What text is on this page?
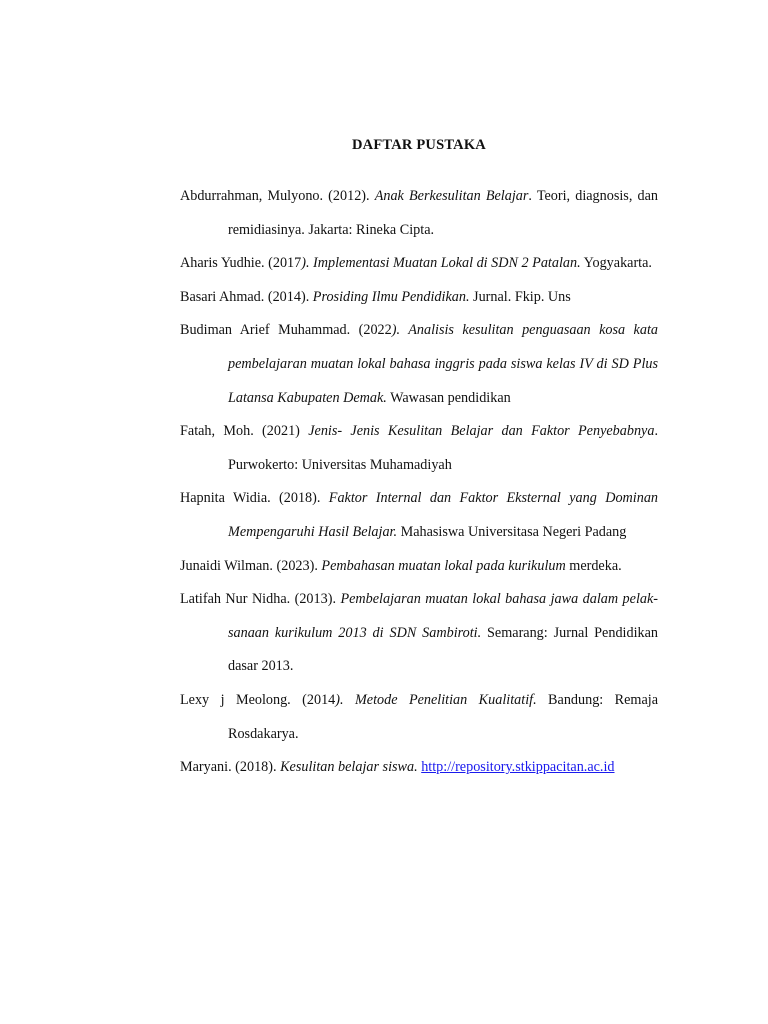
DAFTAR PUSTAKA
Abdurrahman, Mulyono. (2012). Anak Berkesulitan Belajar. Teori, diagnosis, dan remidiasinya. Jakarta: Rineka Cipta.
Aharis Yudhie. (2017). Implementasi Muatan Lokal di SDN 2 Patalan. Yogyakarta.
Basari Ahmad. (2014). Prosiding Ilmu Pendidikan. Jurnal. Fkip. Uns
Budiman Arief Muhammad. (2022). Analisis kesulitan penguasaan kosa kata pembelajaran muatan lokal bahasa inggris pada siswa kelas IV di SD Plus Latansa Kabupaten Demak. Wawasan pendidikan
Fatah, Moh. (2021) Jenis- Jenis Kesulitan Belajar dan Faktor Penyebabnya. Purwokerto: Universitas Muhamadiyah
Hapnita Widia. (2018). Faktor Internal dan Faktor Eksternal yang Dominan Mempengaruhi Hasil Belajar. Mahasiswa Universitasa Negeri Padang
Junaidi Wilman. (2023). Pembahasan muatan lokal pada kurikulum merdeka.
Latifah Nur Nidha. (2013). Pembelajaran muatan lokal bahasa jawa dalam pelak-sanaan kurikulum 2013 di SDN Sambiroti. Semarang: Jurnal Pendidikan dasar 2013.
Lexy j Meolong. (2014). Metode Penelitian Kualitatif. Bandung: Remaja Rosdakarya.
Maryani. (2018). Kesulitan belajar siswa. http://repository.stkippacitan.ac.id
